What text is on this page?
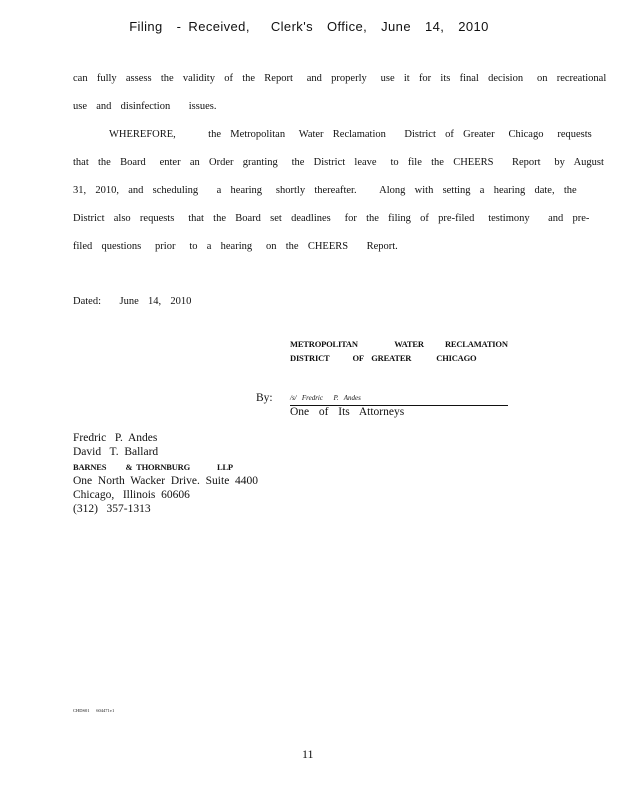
Filing  - Received,   Clerk's  Office,  June  14,  2010
can  fully  assess  the  validity  of  the  Report   and  properly   use  it  for  its  final  decision   on  recreational
use  and  disinfection    issues.
WHEREFORE,       the  Metropolitan   Water  Reclamation    District  of  Greater   Chicago   requests
that  the  Board   enter  an  Order  granting   the  District  leave   to  file  the  CHEERS    Report   by  August
31,  2010,  and  scheduling    a  hearing   shortly  thereafter.     Along  with  setting  a  hearing  date,  the
District  also  requests   that  the  Board  set  deadlines   for  the  filing  of  pre-filed   testimony    and  pre-
filed  questions   prior   to  a  hearing   on  the  CHEERS    Report.
Dated:    June  14,  2010
METROPOLITAN                   WATER           RECLAMATION
DISTRICT            OF    GREATER             CHICAGO
By: /s/   Fredric      P.   Andes
One  of  Its  Attorneys
Fredric   P.  Andes
David   T.  Ballard
BARNES          &  THORNBURG              LLP
One  North  Wacker  Drive.  Suite  4400
Chicago,   Illinois  60606
(312)   357-1313
CHDS01      604471v1
11
